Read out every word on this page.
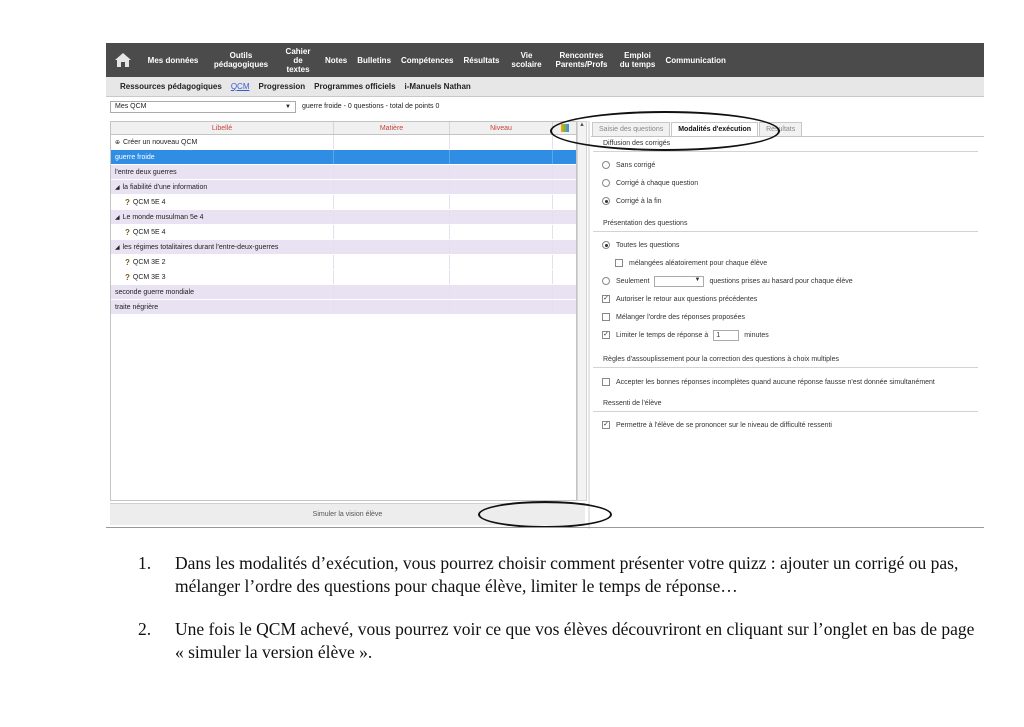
Mes données	Outils pédagogiques
Cahier de textes
Notes	Bulletins	Compétences	Résultats	Vie scolaire
Rencontres Parents/Profs
Emploi du temps	Communication
Ressources pédagogiques QCM Progression Programmes officiels i-Manuels Nathan
Mes QCM	▼ guerre froide - 0 questions - total de points 0
Libellé	Matière	Niveau
⊕ Créer un nouveau QCM
guerre froide
l'entre deux guerres
◢ la fiabilité d'une information
? QCM 5E 4
◢ Le monde musulman 5e 4
? QCM 5E 4
◢ les régimes totalitaires durant l'entre-deux-guerres
? QCM 3E 2
? QCM 3E 3
seconde guerre mondiale
traite négrière
▲
Simuler la vision élève
Saisie des questions	Modalités d'exécution	Résultats
Diffusion des corrigés
Sans corrigé
Corrigé à chaque question
Corrigé à la fin
Présentation des questions
Toutes les questions
mélangées aléatoirement pour chaque élève
Seulement	▼	questions prises au hasard pour chaque élève
✓ Autoriser le retour aux questions précédentes
Mélanger l'ordre des réponses proposées
✓ Limiter le temps de réponse à	1	minutes
Règles d'assouplissement pour la correction des questions à choix multiples
Accepter les bonnes réponses incomplètes quand aucune réponse fausse n'est donnée simultanément
Ressenti de l'élève
✓ Permettre à l'élève de se prononcer sur le niveau de difficulté ressenti
1.	Dans les modalités d’exécution, vous pourrez choisir comment présenter votre quizz : ajouter un corrigé ou pas, mélanger l’ordre des questions pour chaque élève, limiter le temps de réponse…
2.	Une fois le QCM achevé, vous pourrez voir ce que vos élèves découvriront en cliquant sur l’onglet en bas de page « simuler la version élève ».
